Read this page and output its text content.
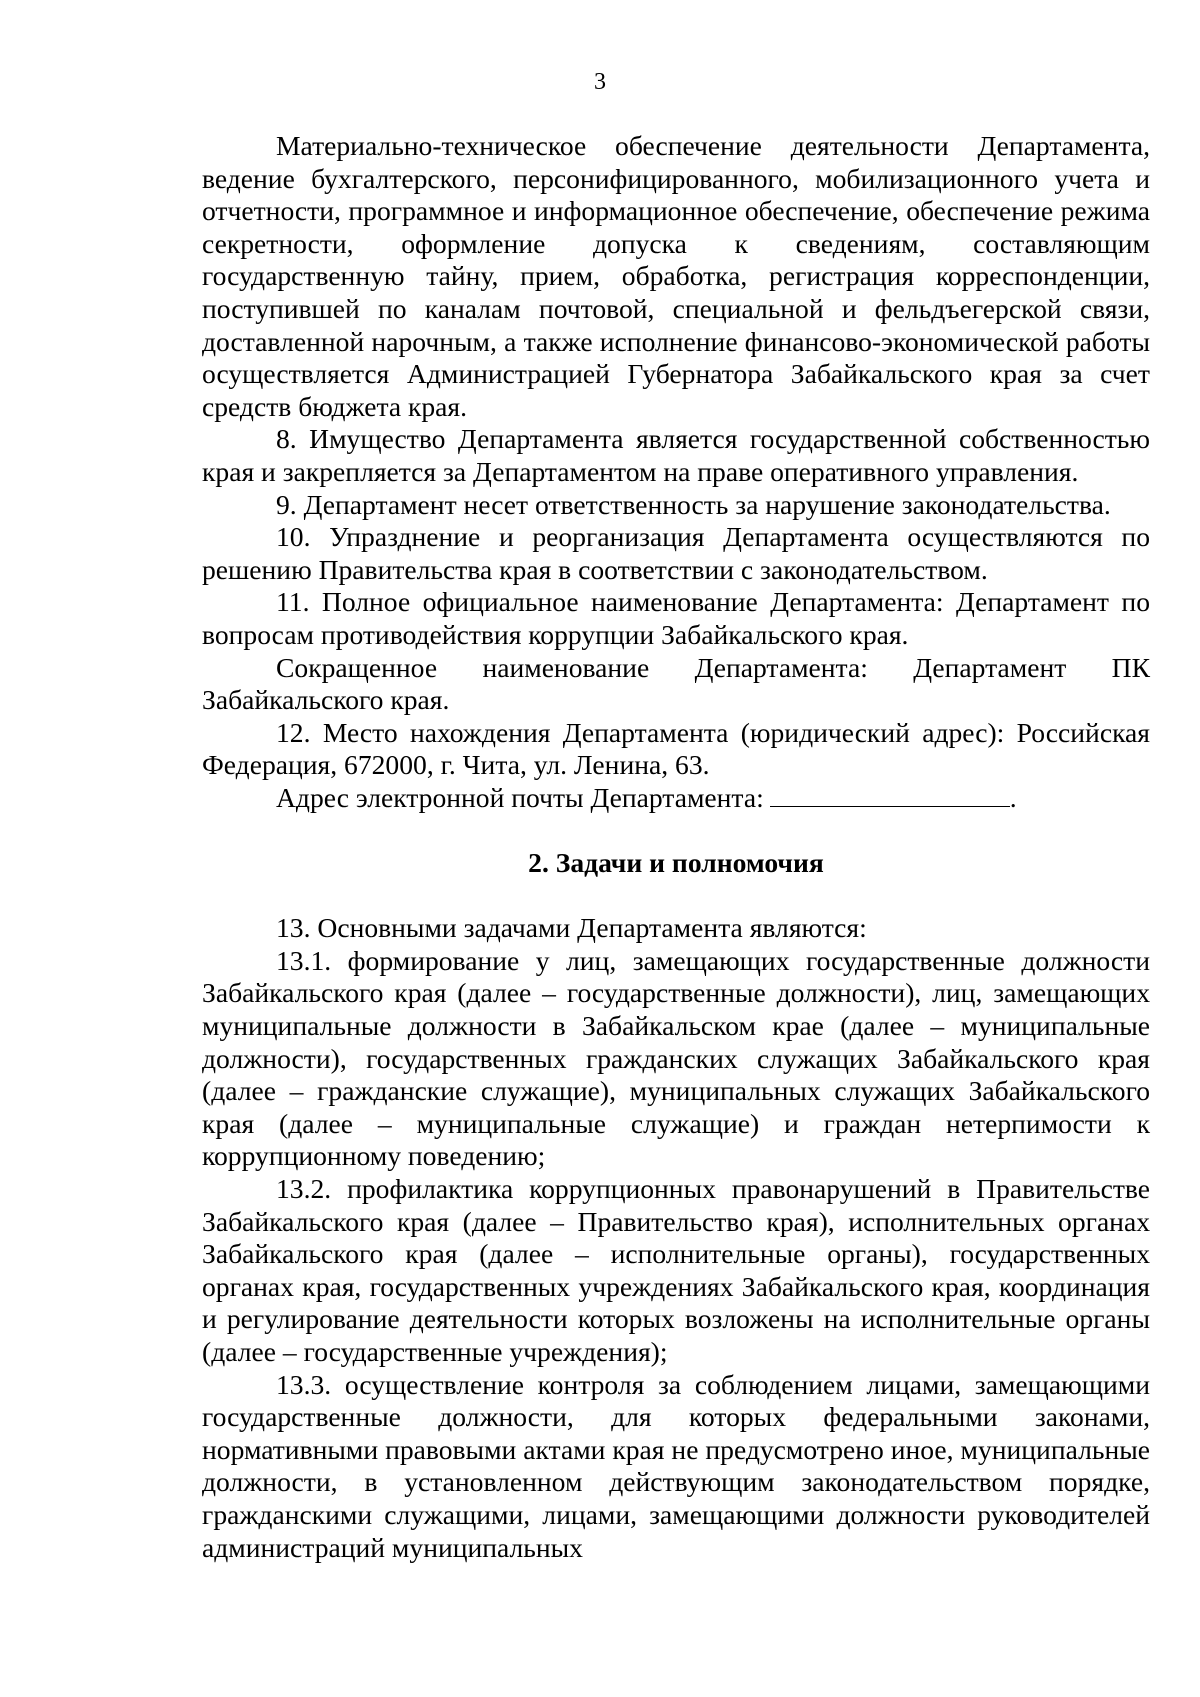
3

Материально-техническое обеспечение деятельности Департамента, ведение бухгалтерского, персонифицированного, мобилизационного учета и отчетности, программное и информационное обеспечение, обеспечение режима секретности, оформление допуска к сведениям, составляющим государственную тайну, прием, обработка, регистрация корреспонденции, поступившей по каналам почтовой, специальной и фельдъегерской связи, доставленной нарочным, а также исполнение финансово-экономической работы осуществляется Администрацией Губернатора Забайкальского края за счет средств бюджета края.

8. Имущество Департамента является государственной собственностью края и закрепляется за Департаментом на праве оперативного управления.

9. Департамент несет ответственность за нарушение законодательства.

10. Упразднение и реорганизация Департамента осуществляются по решению Правительства края в соответствии с законодательством.

11. Полное официальное наименование Департамента: Департамент по вопросам противодействия коррупции Забайкальского края.

Сокращенное наименование Департамента: Департамент ПК Забайкальского края.

12. Место нахождения Департамента (юридический адрес): Российская Федерация, 672000, г. Чита, ул. Ленина, 63.

Адрес электронной почты Департамента:	.

2. Задачи и полномочия

13. Основными задачами Департамента являются:

13.1. формирование у лиц, замещающих государственные должности Забайкальского края (далее – государственные должности), лиц, замещающих муниципальные должности в Забайкальском крае (далее – муниципальные должности), государственных гражданских служащих Забайкальского края (далее – гражданские служащие), муниципальных служащих Забайкальского края (далее – муниципальные служащие) и граждан нетерпимости к коррупционному поведению;

13.2. профилактика коррупционных правонарушений в Правительстве Забайкальского края (далее – Правительство края), исполнительных органах Забайкальского края (далее – исполнительные органы), государственных органах края, государственных учреждениях Забайкальского края, координация и регулирование деятельности которых возложены на исполнительные органы (далее – государственные учреждения);

13.3. осуществление контроля за соблюдением лицами, замещающими государственные должности, для которых федеральными законами, нормативными правовыми актами края не предусмотрено иное, муниципальные должности, в установленном действующим законодательством порядке, гражданскими служащими, лицами, замещающими должности руководителей администраций муниципальных
